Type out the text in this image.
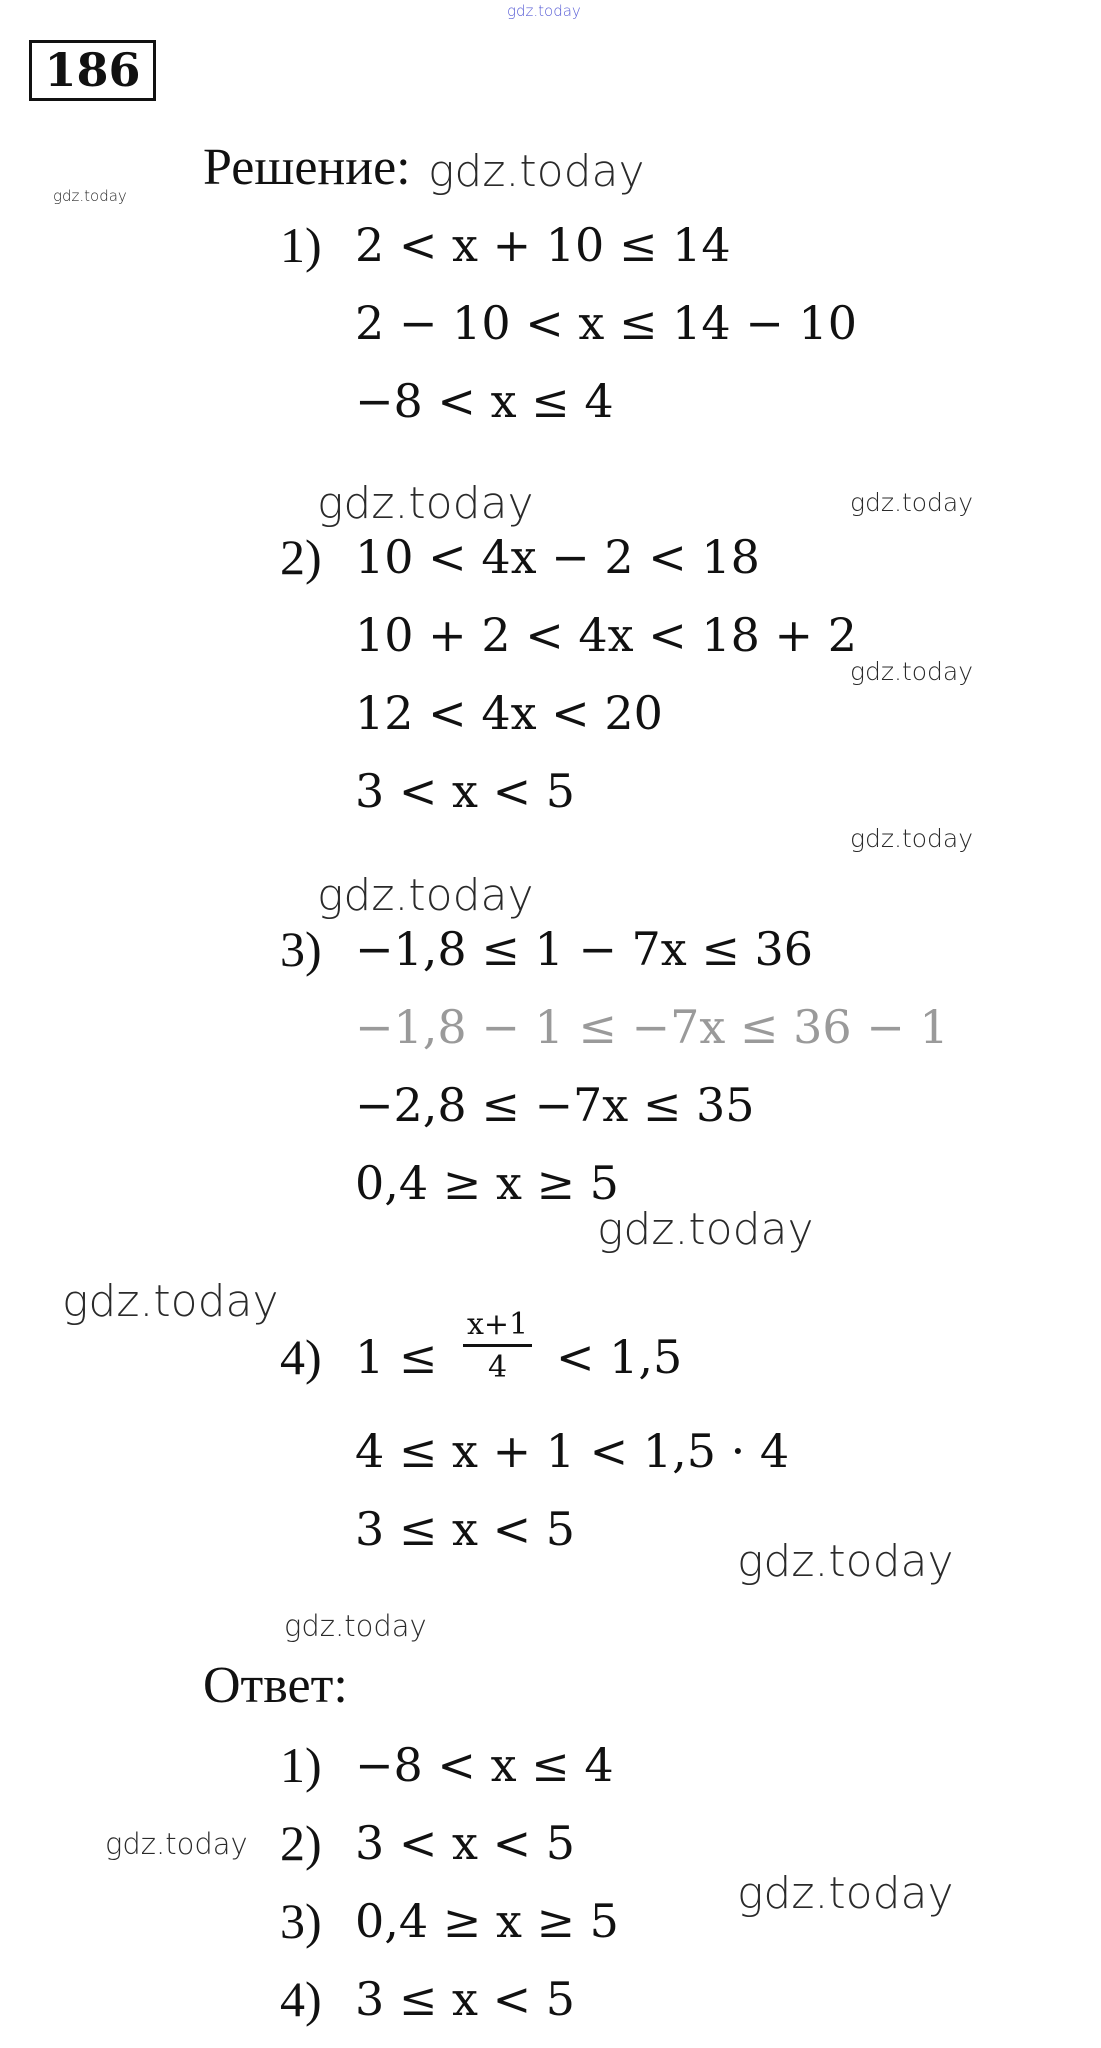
gdz.today
186
Решение: gdz.today
gdz.today
1) 2 < x + 10 ≤ 14
2 − 10 < x ≤ 14 − 10
−8 < x ≤ 4
gdz.today	gdz.today
2) 10 < 4x − 2 < 18
10 + 2 < 4x < 18 + 2
gdz.today
12 < 4x < 20
3 < x < 5
gdz.today
gdz.today
3) −1,8 ≤ 1 − 7x ≤ 36
−1,8 − 1 ≤ −7x ≤ 36 − 1
−2,8 ≤ −7x ≤ 35
0,4 ≥ x ≥ 5
gdz.today
gdz.today
4) $1 \le \frac{x+1}{4} < 1,5$
4 ≤ x + 1 < 1,5 · 4
3 ≤ x < 5
gdz.today
gdz.today
Ответ:
1) −8 < x ≤ 4
gdz.today 2) 3 < x < 5
gdz.today
3) 0,4 ≥ x ≥ 5
4) 3 ≤ x < 5
